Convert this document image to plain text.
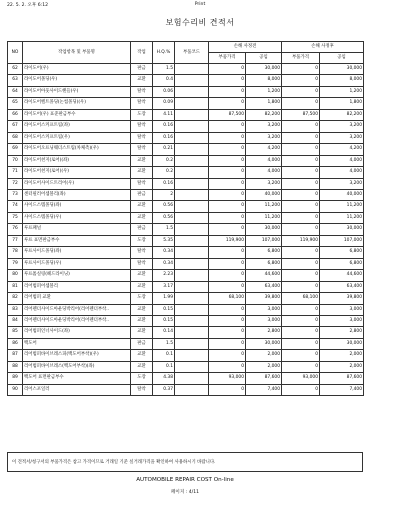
22. 5. 2. 오후 6:12	Print
보험수리비 견적서
NO	작업항목 및 부품명	작업	H.Q.%	부품코드	손해 사정전		손해 사정후	
					부품가격	공임	부품가격	공임
62	라이도어(우)	판금	1.5		0	30,000	0	30,000
63	라이도어몰딩(우)	교환	0.4		0	8,000	0	8,000
64	라이도어아웃사이드핸들(우)	탈착	0.06		0	1,200	0	1,200
65	라이도어벨트몰딩(논썸몰딩)(우)	탈착	0.09		0	1,800	0	1,800
66	라이도어(우) 표준판금부수	도장	4.11		87,500	82,200	87,500	82,200
67	라이도어스커프트립(좌)	탈착	0.16		0	3,200	0	3,200
68	라이도어스커프트립(우)	탈착	0.16		0	3,200	0	3,200
69	라이도어오프닝웨더스트립(차체측)(우)	탈착	0.21		0	4,200	0	4,200
70	라이도어천지(로어)(좌)	교환	0.2		0	4,000	0	4,000
71	라이도어천지(로어)(우)	교환	0.2		0	4,000	0	4,000
72	라이도어사이드트리어(우)	탈착	0.16		0	3,200	0	3,200
73	센터필러어셈블리(좌)	판금	2		0	40,000	0	40,000
74	사이드스텝몰딩(좌)	교환	0.56		0	11,200	0	11,200
75	사이드스텝몰딩(우)	교환	0.56		0	11,200	0	11,200
76	루프패널	판금	1.5		0	30,000	0	30,000
77	루프 표면판금부수	도장	5.35		119,900	107,000	119,900	107,000
78	루프사이드몰딩(좌)	탈착	0.34		0	6,800	0	6,800
79	루프사이드몰딩(우)	탈착	0.34		0	6,800	0	6,800
80	루프톱실링(헤드라이닝)	교환	2.23		0	44,600	0	44,600
81	리어범퍼어셈블리	교환	3.17		0	63,400	0	63,400
82	리어범퍼 교환	도장	1.99		68,100	39,800	68,100	39,800
83	리어펜더사이드아운딩박리어(리어펜더부착..	교환	0.15		0	3,000	0	3,000
84	리어펜더사이드아운딩박리어(리어펜더부착..	교환	0.15		0	3,000	0	3,000
85	리어범퍼인너사이드(좌)	교환	0.14		0	2,800	0	2,800
86	백도어	판금	1.5		0	30,000	0	30,000
87	리어범퍼바이브레스피(백도어부착)(우)	교환	0.1		0	2,000	0	2,000
88	리어범퍼바이브레스(백도어부착)(좌)	교환	0.1		0	2,000	0	2,000
89	백도어 표면판금부수	도장	4.38		93,000	87,600	93,000	87,600
90	리어스포일러	탈착	0.37		0	7,400	0	7,400
이 견적서/청구서의 부품가격은 참고 가격이므로 거래일 기준 실거래가격을 확인하여 사용하시기 바랍니다.
AUTOMOBILE REPAIR COST On-line
페이지 : 4/11
